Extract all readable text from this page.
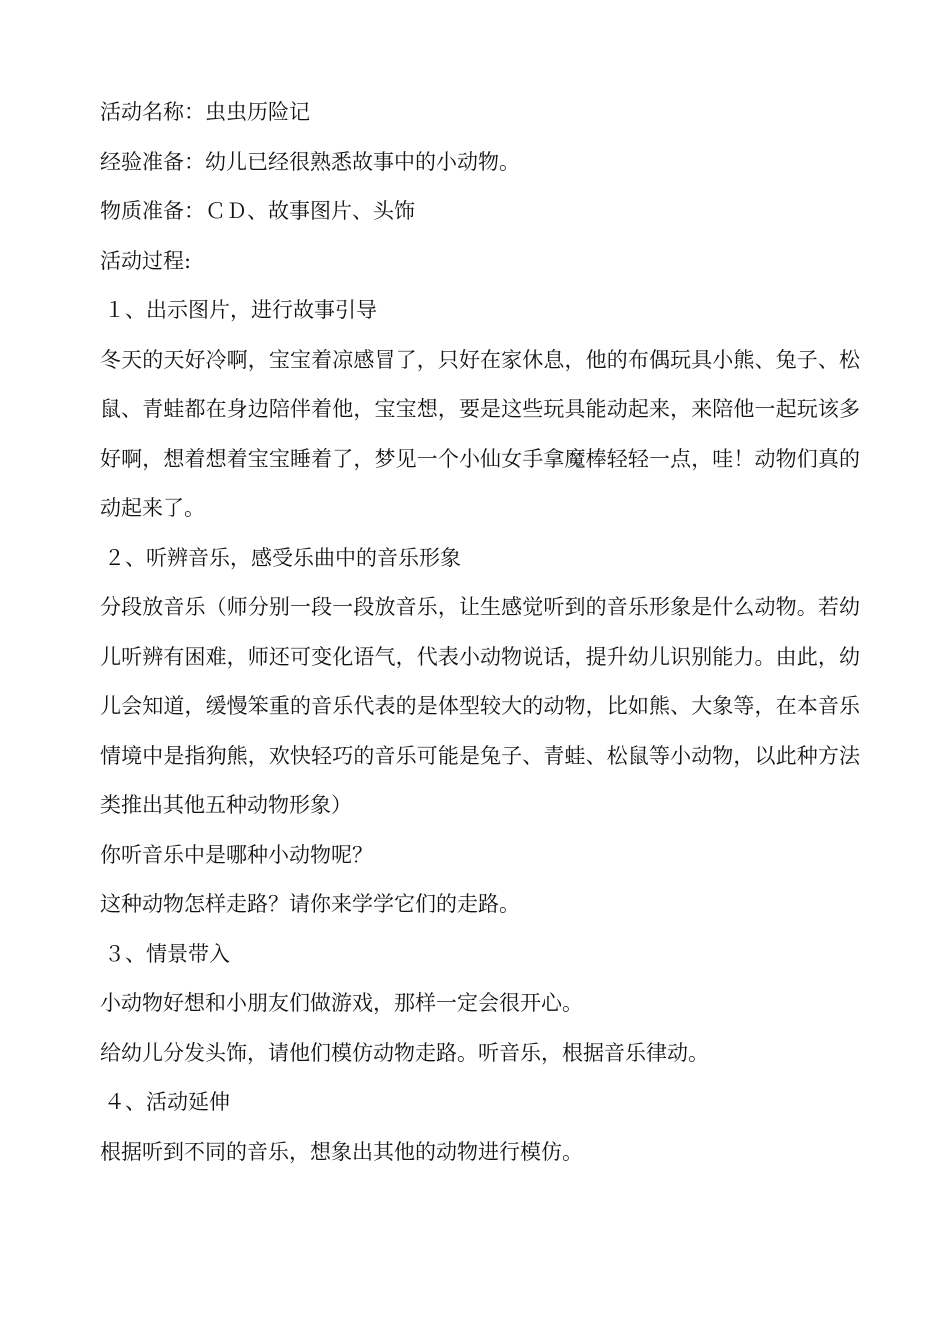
活动名称：虫虫历险记

经验准备：幼儿已经很熟悉故事中的小动物。

物质准备：ＣＤ、故事图片、头饰

活动过程:

１、出示图片，进行故事引导

冬天的天好冷啊，宝宝着凉感冒了，只好在家休息，他的布偶玩具小熊、兔子、松鼠、青蛙都在身边陪伴着他，宝宝想，要是这些玩具能动起来，来陪他一起玩该多好啊，想着想着宝宝睡着了，梦见一个小仙女手拿魔棒轻轻一点，哇！动物们真的动起来了。

２、听辨音乐，感受乐曲中的音乐形象

分段放音乐（师分别一段一段放音乐，让生感觉听到的音乐形象是什么动物。若幼儿听辨有困难，师还可变化语气，代表小动物说话，提升幼儿识别能力。由此，幼儿会知道，缓慢笨重的音乐代表的是体型较大的动物，比如熊、大象等，在本音乐情境中是指狗熊，欢快轻巧的音乐可能是兔子、青蛙、松鼠等小动物，以此种方法类推出其他五种动物形象）

你听音乐中是哪种小动物呢？

这种动物怎样走路？请你来学学它们的走路。

３、情景带入

小动物好想和小朋友们做游戏，那样一定会很开心。

给幼儿分发头饰，请他们模仿动物走路。听音乐，根据音乐律动。

４、活动延伸

根据听到不同的音乐，想象出其他的动物进行模仿。
